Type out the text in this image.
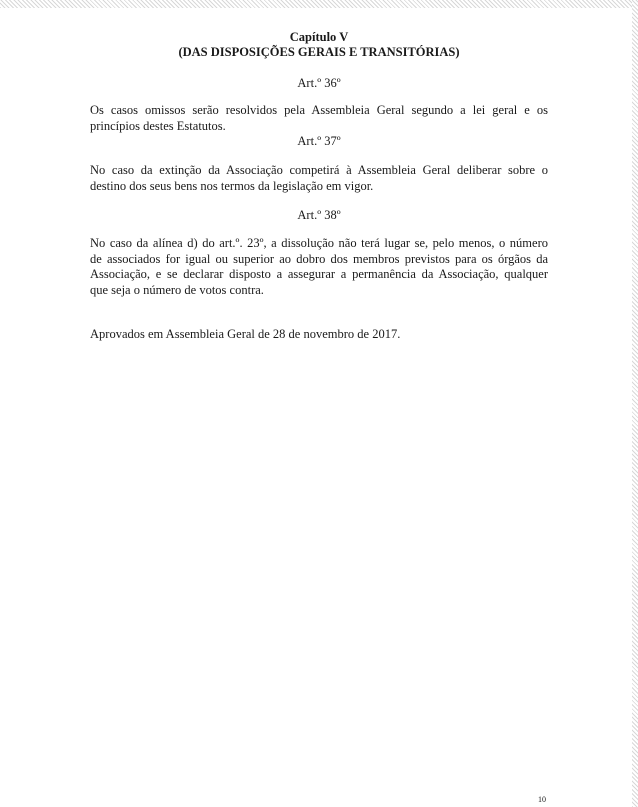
Capítulo V
(DAS DISPOSIÇÕES GERAIS E TRANSITÓRIAS)
Art.º 36º
Os casos omissos serão resolvidos pela Assembleia Geral segundo a lei geral e os
princípios destes Estatutos.
Art.º 37º
No caso da extinção da Associação competirá à Assembleia Geral deliberar sobre o
destino dos seus bens nos termos da legislação em vigor.
Art.º 38º
No caso da alínea d) do art.º. 23º, a dissolução não terá lugar se, pelo menos, o número
de associados for igual ou superior ao dobro dos membros previstos para os órgãos da
Associação, e se declarar disposto a assegurar a permanência da Associação, qualquer
que seja o número de votos contra.
Aprovados em Assembleia Geral de 28 de novembro de 2017.
10
